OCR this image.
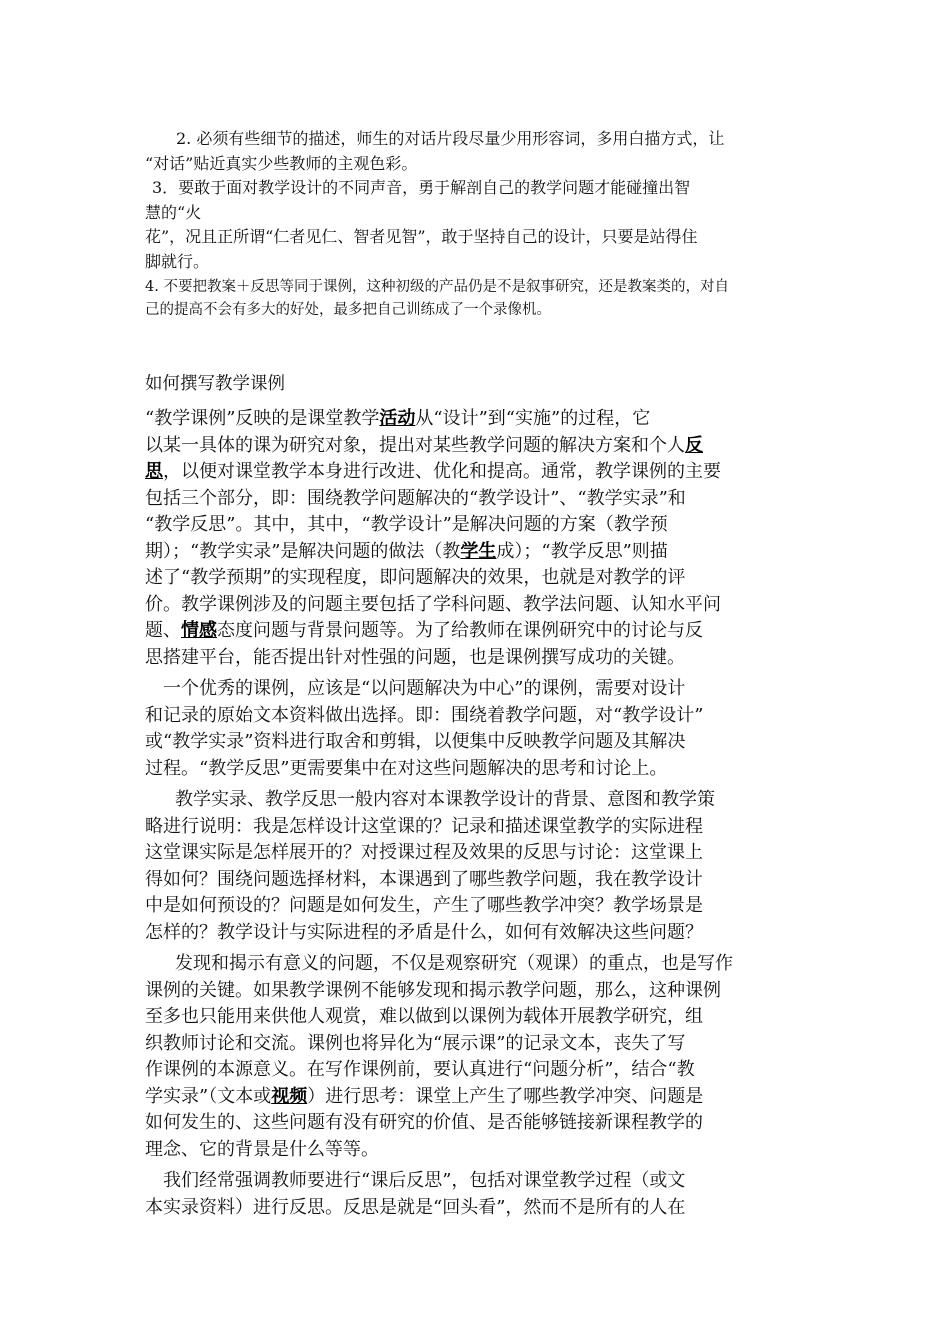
2. 必须有些细节的描述，师生的对话片段尽量少用形容词，多用白描方式，让
“对话”贴近真实少些教师的主观色彩。
3．要敢于面对教学设计的不同声音，勇于解剖自己的教学问题才能碰撞出智
慧的“火
花”，况且正所谓“仁者见仁、智者见智”，敢于坚持自己的设计，只要是站得住
脚就行。
4. 不要把教案＋反思等同于课例，这种初级的产品仍是不是叙事研究，还是教案类的，对自
己的提高不会有多大的好处，最多把自己训练成了一个录像机。
如何撰写教学课例
“教学课例”反映的是课堂教学活动从“设计”到“实施”的过程，它
以某一具体的课为研究对象，提出对某些教学问题的解决方案和个人反
思，以便对课堂教学本身进行改进、优化和提高。通常，教学课例的主要
包括三个部分，即：围绕教学问题解决的“教学设计”、“教学实录”和
“教学反思”。其中，其中，“教学设计”是解决问题的方案（教学预
期）；“教学实录”是解决问题的做法（教学生成）；“教学反思”则描
述了“教学预期”的实现程度，即问题解决的效果，也就是对教学的评
价。教学课例涉及的问题主要包括了学科问题、教学法问题、认知水平问
题、情感态度问题与背景问题等。为了给教师在课例研究中的讨论与反
思搭建平台，能否提出针对性强的问题，也是课例撰写成功的关键。
一个优秀的课例，应该是“以问题解决为中心”的课例，需要对设计
和记录的原始文本资料做出选择。即：围绕着教学问题，对“教学设计”
或“教学实录”资料进行取舍和剪辑，以便集中反映教学问题及其解决
过程。“教学反思”更需要集中在对这些问题解决的思考和讨论上。
教学实录、教学反思一般内容对本课教学设计的背景、意图和教学策
略进行说明：我是怎样设计这堂课的？记录和描述课堂教学的实际进程
这堂课实际是怎样展开的？对授课过程及效果的反思与讨论：这堂课上
得如何？围绕问题选择材料，本课遇到了哪些教学问题，我在教学设计
中是如何预设的？问题是如何发生，产生了哪些教学冲突？教学场景是
怎样的？教学设计与实际进程的矛盾是什么，如何有效解决这些问题？
发现和揭示有意义的问题，不仅是观察研究（观课）的重点，也是写作
课例的关键。如果教学课例不能够发现和揭示教学问题，那么，这种课例
至多也只能用来供他人观赏，难以做到以课例为载体开展教学研究，组
织教师讨论和交流。课例也将异化为“展示课”的记录文本，丧失了写
作课例的本源意义。在写作课例前，要认真进行“问题分析”，结合“教
学实录”（文本或视频）进行思考：课堂上产生了哪些教学冲突、问题是
如何发生的、这些问题有没有研究的价值、是否能够链接新课程教学的
理念、它的背景是什么等等。
我们经常强调教师要进行“课后反思”，包括对课堂教学过程（或文
本实录资料）进行反思。反思是就是“回头看”，然而不是所有的人在
